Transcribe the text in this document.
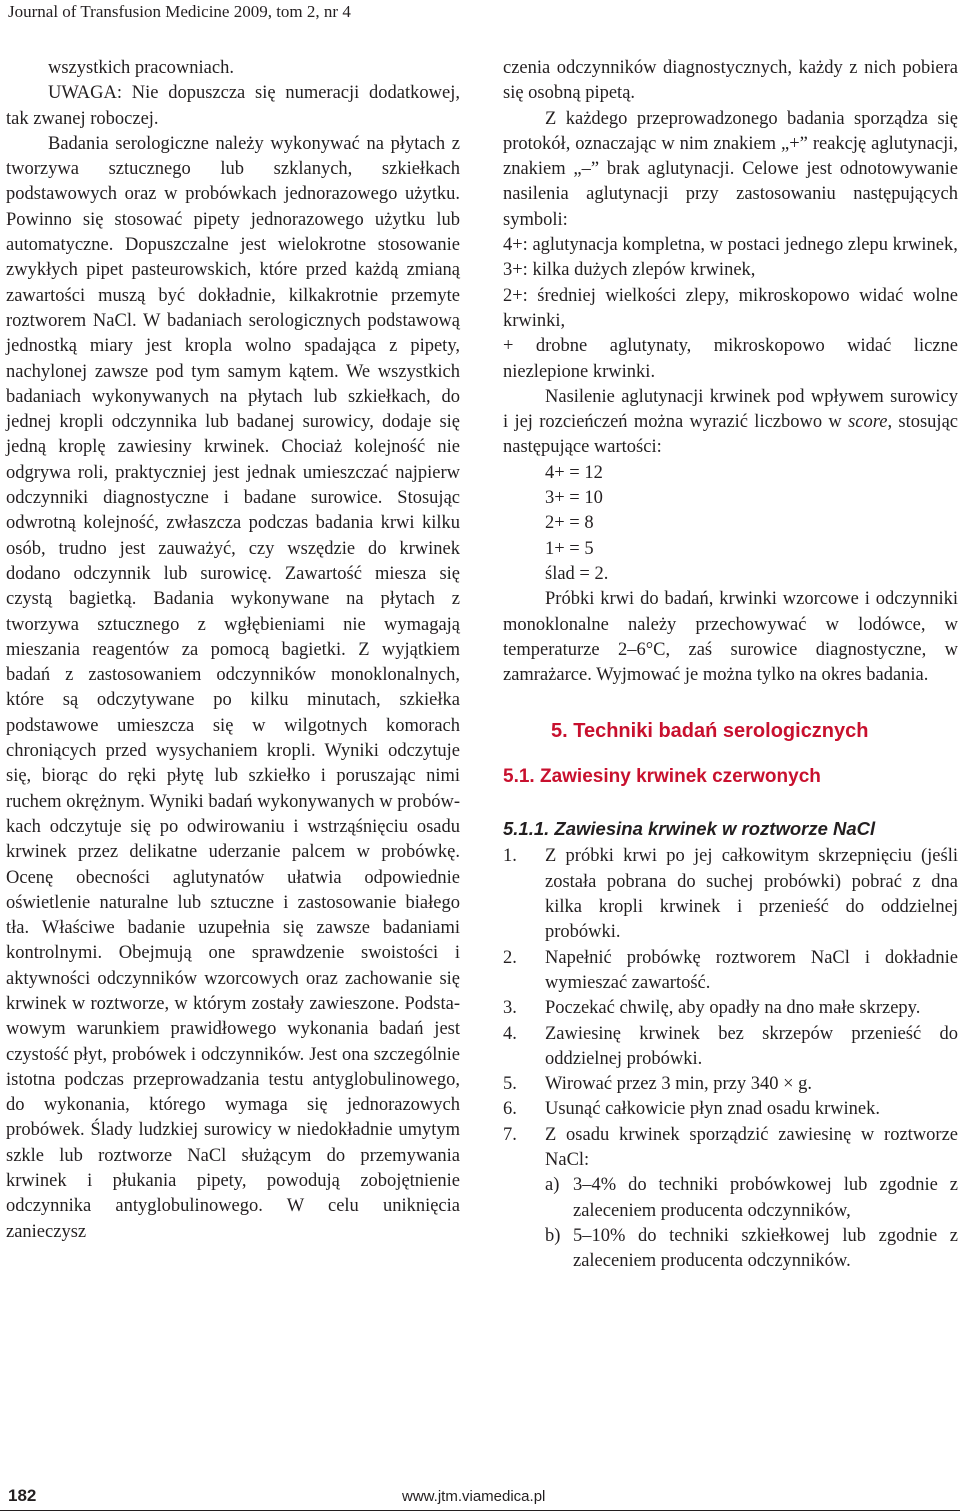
Journal of Transfusion Medicine 2009, tom 2, nr 4

wszystkich pracowniach.

UWAGA: Nie dopuszcza się numeracji dodatkowej, tak zwanej roboczej.

Badania serologiczne należy wykonywać na płytach z tworzywa sztucznego lub szklanych, szkiełkach podstawowych oraz w probówkach jednorazowego użytku. Powinno się stosować pipety jednorazowego użytku lub automatyczne. Dopuszczalne jest wielokrotne stosowanie zwykłych pipet pasteurowskich, które przed każdą zmianą zawartości muszą być dokładnie, kilkakrotnie przemyte roztworem NaCl. W badaniach serologicznych podstawową jednostką miary jest kropla wolno spadająca z pipety, nachylonej zawsze pod tym samym kątem. We wszystkich badaniach wykonywanych na płytach lub szkiełkach, do jednej kropli odczynnika lub badanej surowicy, dodaje się jedną kroplę zawiesiny krwinek. Chociaż kolejność nie odgrywa roli, praktyczniej jest jednak umieszczać najpierw odczynniki diagnostyczne i badane surowice. Stosując odwrotną kolejność, zwłaszcza podczas badania krwi kilku osób, trudno jest zauważyć, czy wszędzie do krwinek dodano odczynnik lub surowicę. Zawartość miesza się czystą bagietką. Badania wykonywane na płytach z tworzywa sztucznego z wgłębieniami nie wymagają mieszania reagentów za pomocą bagietki. Z wyjątkiem badań z zastosowaniem odczynników monoklonalnych, które są odczytywane po kilku minutach, szkiełka podstawowe umieszcza się w wilgotnych komorach chroniących przed wysychaniem kropli. Wyniki odczytuje się, biorąc do ręki płytę lub szkiełko i poruszając nimi ruchem okrężnym. Wyniki badań wykonywanych w probówkach odczytuje się po odwirowaniu i wstrząśnięciu osadu krwinek przez delikatne uderzanie palcem w probówkę. Ocenę obecności aglutynatów ułatwia odpowiednie oświetlenie naturalne lub sztuczne i zastosowanie białego tła. Właściwe badanie uzupełnia się zawsze badaniami kontrolnymi. Obejmują one sprawdzenie swoistości i aktywności odczynników wzorcowych oraz zachowanie się krwinek w roztworze, w którym zostały zawieszone. Podstawowym warunkiem prawidłowego wykonania badań jest czystość płyt, probówek i odczynników. Jest ona szczególnie istotna podczas przeprowadzania testu antyglobulinowego, do wykonania, którego wymaga się jednorazowych probówek. Ślady ludzkiej surowicy w niedokładnie umytym szkle lub roztworze NaCl służącym do przemywania krwinek i płukania pipety, powodują zobojętnienie odczynnika antyglobulinowego. W celu uniknięcia zanieczysz

czenia odczynników diagnostycznych, każdy z nich pobiera się osobną pipetą.

Z każdego przeprowadzonego badania sporządza się protokół, oznaczając w nim znakiem „+” reakcję aglutynacji, znakiem „–” brak aglutynacji. Celowe jest odnotowywanie nasilenia aglutynacji przy zastosowaniu następujących symboli:

4+: aglutynacja kompletna, w postaci jednego zlepu krwinek,

3+: kilka dużych zlepów krwinek,

2+: średniej wielkości zlepy, mikroskopowo widać wolne krwinki,

+ drobne aglutynaty, mikroskopowo widać liczne niezlepione krwinki.

Nasilenie aglutynacji krwinek pod wpływem surowicy i jej rozcieńczeń można wyrazić liczbowo w score, stosując następujące wartości:

4+ = 12
3+ = 10
2+ = 8
1+ = 5
ślad = 2.

Próbki krwi do badań, krwinki wzorcowe i odczynniki monoklonalne należy przechowywać w lodówce, w temperaturze 2–6°C, zaś surowice diagnostyczne, w zamrażarce. Wyjmować je można tylko na okres badania.

5. Techniki badań serologicznych
5.1. Zawiesiny krwinek czerwonych
5.1.1. Zawiesina krwinek w roztworze NaCl
1. Z próbki krwi po jej całkowitym skrzepnięciu (jeśli została pobrana do suchej probówki) pobrać z dna kilka kropli krwinek i przenieść do oddzielnej probówki.
2. Napełnić probówkę roztworem NaCl i dokładnie wymieszać zawartość.
3. Poczekać chwilę, aby opadły na dno małe skrzepy.
4. Zawiesinę krwinek bez skrzepów przenieść do oddzielnej probówki.
5. Wirować przez 3 min, przy 340 × g.
6. Usunąć całkowicie płyn znad osadu krwinek.
7. Z osadu krwinek sporządzić zawiesinę w roztworze NaCl:
a) 3–4% do techniki probówkowej lub zgodnie z zaleceniem producenta odczynników,
b) 5–10% do techniki szkiełkowej lub zgodnie z zaleceniem producenta odczynników.
182	www.jtm.viamedica.pl
